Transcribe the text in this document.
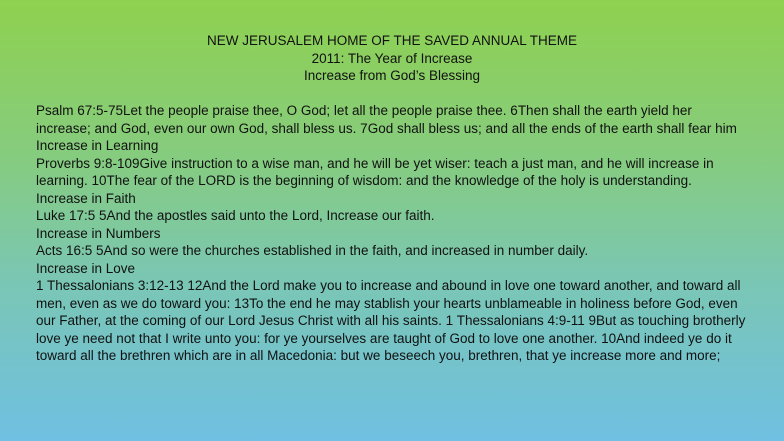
NEW JERUSALEM HOME OF THE SAVED ANNUAL THEME
2011: The Year of Increase
Increase from God’s Blessing

Psalm 67:5-75Let the people praise thee, O God; let all the people praise thee. 6Then shall the earth yield her increase; and God, even our own God, shall bless us. 7God shall bless us; and all the ends of the earth shall fear him

Increase in Learning

Proverbs 9:8-109Give instruction to a wise man, and he will be yet wiser: teach a just man, and he will increase in learning. 10The fear of the LORD is the beginning of wisdom: and the knowledge of the holy is understanding.

Increase in Faith

Luke 17:5 5And the apostles said unto the Lord, Increase our faith.

Increase in Numbers

Acts 16:5 5And so were the churches established in the faith, and increased in number daily.

Increase in Love

1 Thessalonians 3:12-13 12And the Lord make you to increase and abound in love one toward another, and toward all men, even as we do toward you: 13To the end he may stablish your hearts unblameable in holiness before God, even our Father, at the coming of our Lord Jesus Christ with all his saints. 1 Thessalonians 4:9-11 9But as touching brotherly love ye need not that I write unto you: for ye yourselves are taught of God to love one another. 10And indeed ye do it toward all the brethren which are in all Macedonia: but we beseech you, brethren, that ye increase more and more;
